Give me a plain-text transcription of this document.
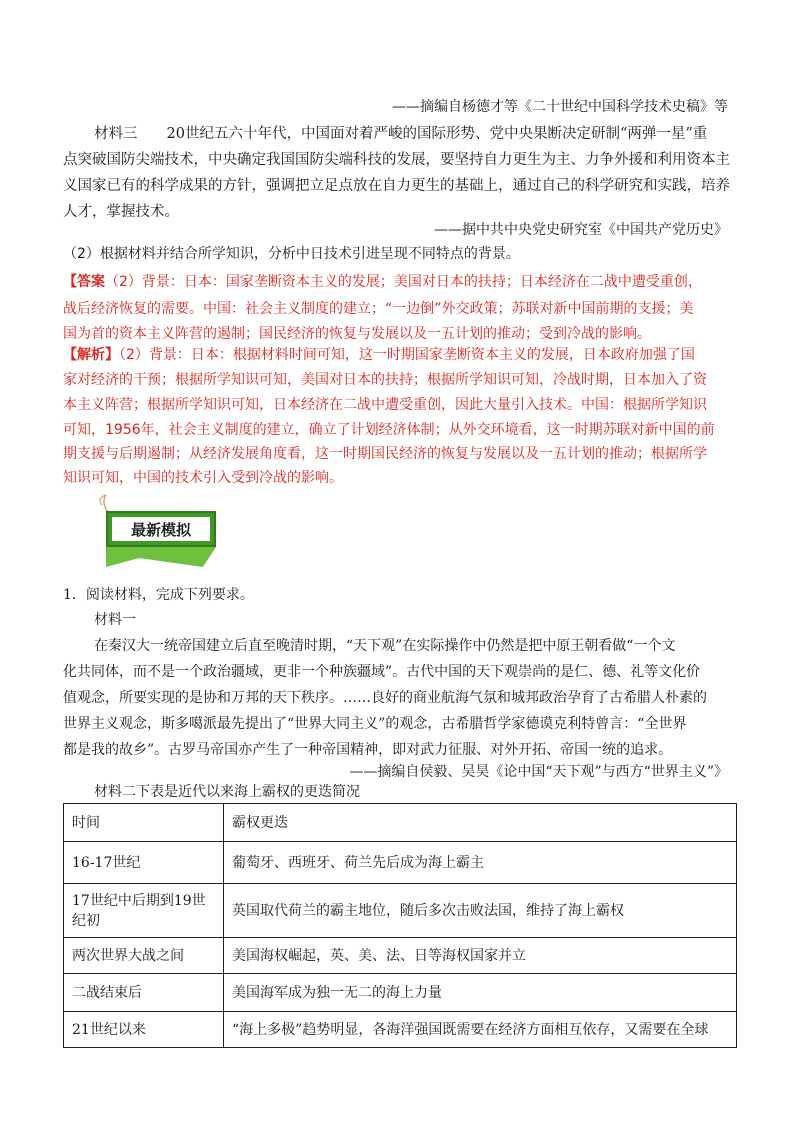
——摘编自杨德才等《二十世纪中国科学技术史稿》等
材料三　　20世纪五六十年代，中国面对着严峻的国际形势、党中央果断决定研制“两弹一星”重
点突破国防尖端技术，中央确定我国国防尖端科技的发展，要坚持自力更生为主、力争外援和利用资本主
义国家已有的科学成果的方针，强调把立足点放在自力更生的基础上，通过自己的科学研究和实践，培养
人才，掌握技术。
——据中共中央党史研究室《中国共产党历史》
（2）根据材料并结合所学知识，分析中日技术引进呈现不同特点的背景。
【答案（2）背景：日本：国家垄断资本主义的发展；美国对日本的扶持；日本经济在二战中遭受重创，
战后经济恢复的需要。中国：社会主义制度的建立；“一边倒”外交政策；苏联对新中国前期的支援；美
国为首的资本主义阵营的遏制；国民经济的恢复与发展以及一五计划的推动；受到冷战的影响。
【解析】（2）背景：日本：根据材料时间可知，这一时期国家垄断资本主义的发展，日本政府加强了国
家对经济的干预；根据所学知识可知，美国对日本的扶持；根据所学知识可知，冷战时期，日本加入了资
本主义阵营；根据所学知识可知，日本经济在二战中遭受重创，因此大量引入技术。中国：根据所学知识
可知，1956年，社会主义制度的建立，确立了计划经济体制；从外交环境看，这一时期苏联对新中国的前
期支援与后期遏制；从经济发展角度看，这一时期国民经济的恢复与发展以及一五计划的推动；根据所学
知识可知，中国的技术引入受到冷战的影响。
最新模拟
1．阅读材料，完成下列要求。
材料一
在秦汉大一统帝国建立后直至晚清时期，“天下观”在实际操作中仍然是把中原王朝看做“一个文
化共同体，而不是一个政治疆域，更非一个种族疆域”。古代中国的天下观崇尚的是仁、德、礼等文化价
值观念，所要实现的是协和万邦的天下秩序。……良好的商业航海气氛和城邦政治孕育了古希腊人朴素的
世界主义观念，斯多噶派最先提出了“世界大同主义”的观念，古希腊哲学家德谟克利特曾言：“全世界
都是我的故乡”。古罗马帝国亦产生了一种帝国精神，即对武力征服、对外开拓、帝国一统的追求。
——摘编自侯毅、吴昊《论中国“天下观”与西方“世界主义”》
材料二下表是近代以来海上霸权的更迭简况
时间	霸权更迭
16-17世纪	葡萄牙、西班牙、荷兰先后成为海上霸主
17世纪中后期到19世
纪初	英国取代荷兰的霸主地位，随后多次击败法国，维持了海上霸权
两次世界大战之间	美国海权崛起，英、美、法、日等海权国家并立
二战结束后	美国海军成为独一无二的海上力量
21世纪以来	“海上多极”趋势明显，各海洋强国既需要在经济方面相互依存，又需要在全球
